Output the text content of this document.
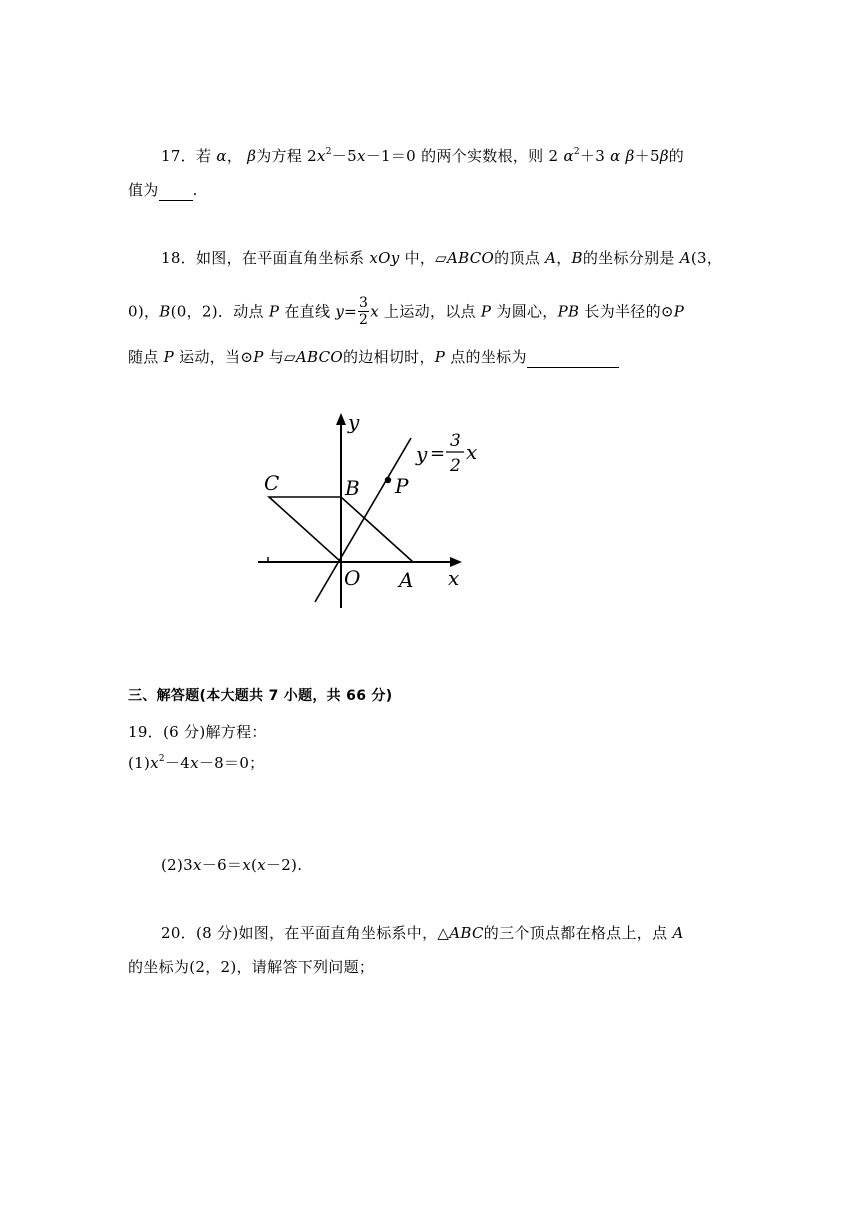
17．若 α， β为方程 $2x^2-5x-1=0$ 的两个实数根，则 2 $\alpha^2+3$ α β＋5β的
值为 .
18．如图，在平面直角坐标系 xOy 中，▱ABCO的顶点 A，B的坐标分别是 A(3，
0)，B(0，2)．动点 P 在直线 $y= \frac{3}{2}$ x 上运动，以点 P 为圆心，PB 长为半径的⊙P
随点 P 运动，当⊙P 与▱ABCO的边相切时，P 点的坐标为
y
x
C	B P
O A
y =
3
2
x
三、解答题(本大题共 7 小题，共 66 分)
19．(6 分)解方程：
$(1)x^2-4x-8=0$；
(2)3x－6＝x(x－2).
20．(8 分)如图，在平面直角坐标系中，△ABC的三个顶点都在格点上，点 A
的坐标为(2，2)，请解答下列问题；
